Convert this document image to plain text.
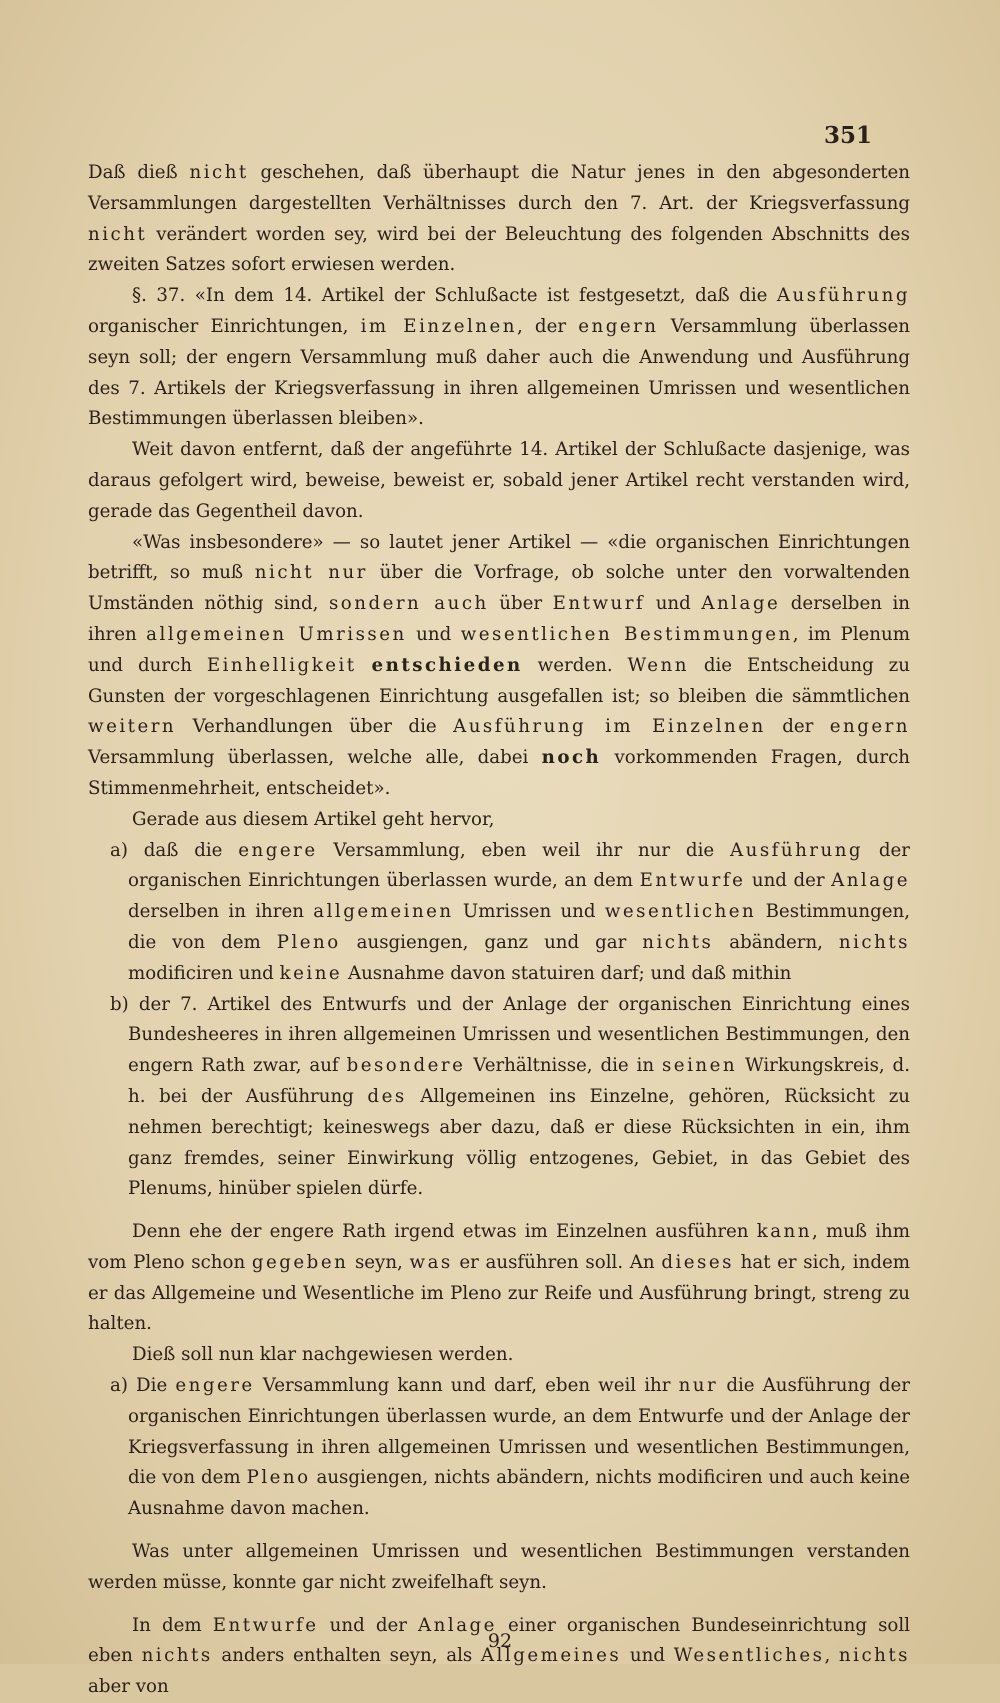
351

Daß dieß nicht geschehen, daß überhaupt die Natur jenes in den abgesonderten Versammlungen dargestellten Verhältnisses durch den 7. Art. der Kriegsverfassung nicht verändert worden sey, wird bei der Beleuchtung des folgenden Abschnitts des zweiten Satzes sofort erwiesen werden.

§. 37. «In dem 14. Artikel der Schlußacte ist festgesetzt, daß die Ausführung organischer Einrichtungen, im Einzelnen, der engern Versammlung überlassen seyn soll; der engern Versammlung muß daher auch die Anwendung und Ausführung des 7. Artikels der Kriegsverfassung in ihren allgemeinen Umrissen und wesentlichen Bestimmungen überlassen bleiben».

Weit davon entfernt, daß der angeführte 14. Artikel der Schlußacte dasjenige, was daraus gefolgert wird, beweise, beweist er, sobald jener Artikel recht verstanden wird, gerade das Gegentheil davon.

«Was insbesondere» — so lautet jener Artikel — «die organischen Einrichtungen betrifft, so muß nicht nur über die Vorfrage, ob solche unter den vorwaltenden Umständen nöthig sind, sondern auch über Entwurf und Anlage derselben in ihren allgemeinen Umrissen und wesentlichen Bestimmungen, im Plenum und durch Einhelligkeit entschieden werden. Wenn die Entscheidung zu Gunsten der vorgeschlagenen Einrichtung ausgefallen ist; so bleiben die sämmtlichen weitern Verhandlungen über die Ausführung im Einzelnen der engern Versammlung überlassen, welche alle, dabei noch vorkommenden Fragen, durch Stimmenmehrheit, entscheidet».

Gerade aus diesem Artikel geht hervor,

a) daß die engere Versammlung, eben weil ihr nur die Ausführung der organischen Einrichtungen überlassen wurde, an dem Entwurfe und der Anlage derselben in ihren allgemeinen Umrissen und wesentlichen Bestimmungen, die von dem Pleno ausgiengen, ganz und gar nichts abändern, nichts modificiren und keine Ausnahme davon statuiren darf; und daß mithin

b) der 7. Artikel des Entwurfs und der Anlage der organischen Einrichtung eines Bundesheeres in ihren allgemeinen Umrissen und wesentlichen Bestimmungen, den engern Rath zwar, auf besondere Verhältnisse, die in seinen Wirkungskreis, d. h. bei der Ausführung des Allgemeinen ins Einzelne, gehören, Rücksicht zu nehmen berechtigt; keineswegs aber dazu, daß er diese Rücksichten in ein, ihm ganz fremdes, seiner Einwirkung völlig entzogenes, Gebiet, in das Gebiet des Plenums, hinüber spielen dürfe.

Denn ehe der engere Rath irgend etwas im Einzelnen ausführen kann, muß ihm vom Pleno schon gegeben seyn, was er ausführen soll. An dieses hat er sich, indem er das Allgemeine und Wesentliche im Pleno zur Reife und Ausführung bringt, streng zu halten.

Dieß soll nun klar nachgewiesen werden.

a) Die engere Versammlung kann und darf, eben weil ihr nur die Ausführung der organischen Einrichtungen überlassen wurde, an dem Entwurfe und der Anlage der Kriegsverfassung in ihren allgemeinen Umrissen und wesentlichen Bestimmungen, die von dem Pleno ausgiengen, nichts abändern, nichts modificiren und auch keine Ausnahme davon machen.

Was unter allgemeinen Umrissen und wesentlichen Bestimmungen verstanden werden müsse, konnte gar nicht zweifelhaft seyn.

In dem Entwurfe und der Anlage einer organischen Bundeseinrichtung soll eben nichts anders enthalten seyn, als Allgemeines und Wesentliches, nichts aber von

92
